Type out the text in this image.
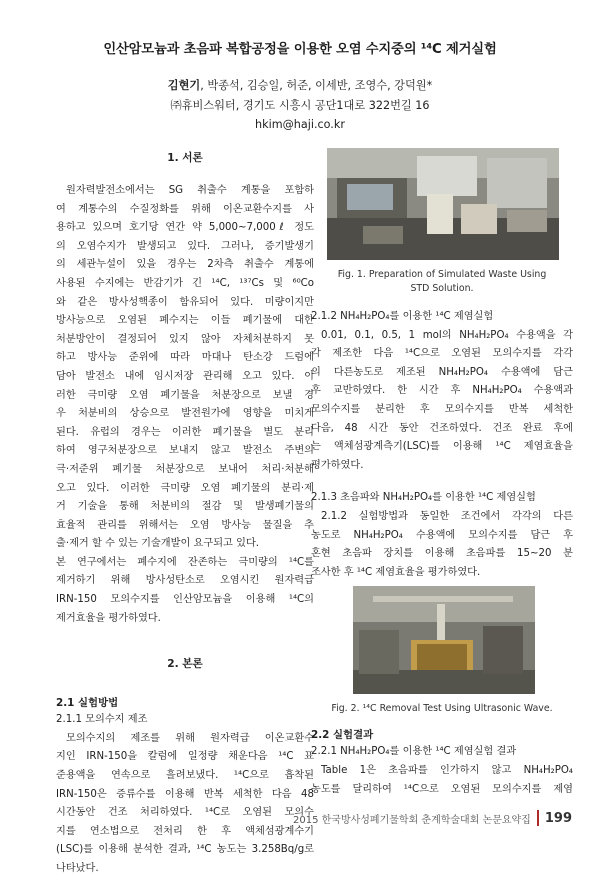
인산암모늄과 초음파 복합공정을 이용한 오염 수지중의 ¹⁴C 제거실험
김현기, 박종석, 김승일, 허준, 이세반, 조영수, 강덕원*
㈜휴비스워터, 경기도 시흥시 공단1대로 322번길 16
hkim@haji.co.kr
1. 서론
원자력발전소에서는 SG 취출수 계통을 포함하
여 계통수의 수질정화를 위해 이온교환수지를 사
용하고 있으며 호기당 연간 약 5,000~7,000ℓ 정도
의 오염수지가 발생되고 있다. 그러나, 증기발생기
의 세관누설이 있을 경우는 2차측 취출수 계통에
사용된 수지에는 반감기가 긴 ¹⁴C, ¹³⁷Cs 및 ⁶⁰Co
와 같은 방사성핵종이 함유되어 있다. 미량이지만
방사능으로 오염된 폐수지는 이들 폐기물에 대한
처분방안이 결정되어 있지 않아 자체처분하지 못
하고 방사능 준위에 따라 마대나 탄소강 드럼에
담아 발전소 내에 임시저장 관리해 오고 있다. 이
러한 극미량 오염 폐기물을 처분장으로 보낼 경
우 처분비의 상승으로 발전원가에 영향을 미치게
된다. 유럽의 경우는 이러한 폐기물을 별도 분리
하여 영구처분장으로 보내지 않고 발전소 주변의
극·저준위 폐기물 처분장으로 보내어 처리·처분해
오고 있다. 이러한 극미량 오염 폐기물의 분리·제
거 기술을 통해 처분비의 절감 및 발생폐기물의
효율적 관리를 위해서는 오염 방사능 물질을 추
출·제거 할 수 있는 기술개발이 요구되고 있다.
본 연구에서는 폐수지에 잔존하는 극미량의 ¹⁴C를
제거하기 위해 방사성탄소로 오염시킨 원자력급
IRN-150 모의수지를 인산암모늄을 이용해 ¹⁴C의
제거효율을 평가하였다.
2. 본론
2.1 실험방법
2.1.1 모의수지 제조
모의수지의 제조를 위해 원자력급 이온교환수
지인 IRN-150을 칼럼에 일정량 채운다음 ¹⁴C 표
준용액을 연속으로 흘려보냈다. ¹⁴C으로 흡착된
IRN-150은 증류수를 이용해 반복 세척한 다음 48
시간동안 건조 처리하였다. ¹⁴C로 오염된 모의수
지를 연소법으로 전처리 한 후 액체섬광계수기
(LSC)를 이용해 분석한 결과, ¹⁴C 농도는 3.258Bq/g로
나타났다.
Fig. 1. Preparation of Simulated Waste Using STD Solution.
2.1.2 NH₄H₂PO₄를 이용한 ¹⁴C 제염실험
0.01, 0.1, 0.5, 1 mol의 NH₄H₂PO₄ 수용액을 각
각 제조한 다음 ¹⁴C으로 오염된 모의수지를 각각
의 다른농도로 제조된 NH₄H₂PO₄ 수용액에 담근
후 교반하였다. 한 시간 후 NH₄H₂PO₄ 수용액과
모의수지를 분리한 후 모의수지를 반복 세척한
다음, 48 시간 동안 건조하였다. 건조 완료 후에
는 액체섬광계측기(LSC)를 이용해 ¹⁴C 제염효율을
평가하였다.
2.1.3 초음파와 NH₄H₂PO₄를 이용한 ¹⁴C 제염실험
2.1.2 실험방법과 동일한 조건에서 각각의 다른
농도로 NH₄H₂PO₄ 수용액에 모의수지를 담근 후
혼현 초음파 장치를 이용해 초음파를 15~20 분
조사한 후 ¹⁴C 제염효율을 평가하였다.
Fig. 2. ¹⁴C Removal Test Using Ultrasonic Wave.
2.2 실험결과
2.2.1 NH₄H₂PO₄를 이용한 ¹⁴C 제염실험 결과
Table 1은 초음파를 인가하지 않고 NH₄H₂PO₄
농도를 달리하여 ¹⁴C으로 오염된 모의수지를 제염
2015 한국방사성폐기물학회 춘계학술대회 논문요약집 199
